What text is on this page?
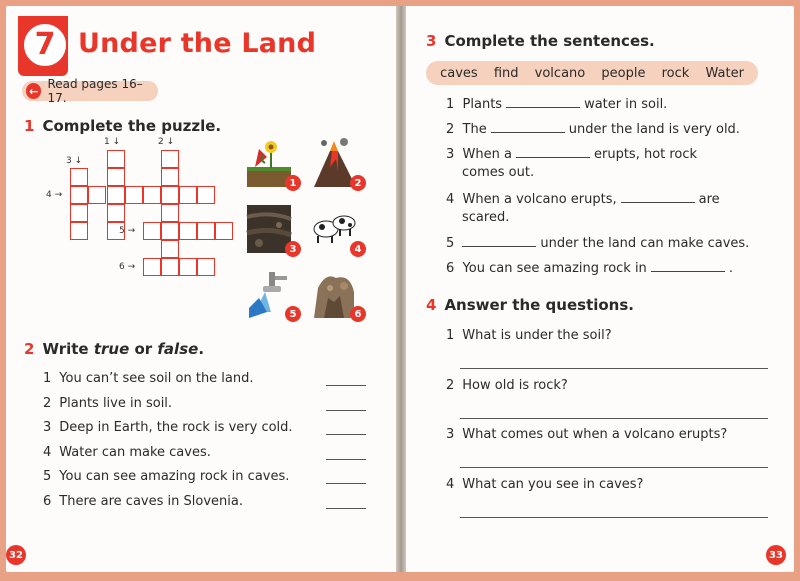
7 Under the Land
← Read pages 16–17.
1 Complete the puzzle.
1 ↓	2 ↓
3 ↓
4 →
5 →
6 →
1	2
3	4
5	6
2 Write true or false.
1 You can’t see soil on the land.
2 Plants live in soil.
3 Deep in Earth, the rock is very cold.
4 Water can make caves.
5 You can see amazing rock in caves.
6 There are caves in Slovenia.
3 Complete the sentences.
caves find volcano people rock Water
1 Plants	water in soil.
2 The	under the land is very old.
3 When a	erupts, hot rock
comes out.
4 When a volcano erupts,	are
scared.
5	under the land can make caves.
6 You can see amazing rock in	.
4 Answer the questions.
1 What is under the soil?
2 How old is rock?
3 What comes out when a volcano erupts?
4 What can you see in caves?
32	33
